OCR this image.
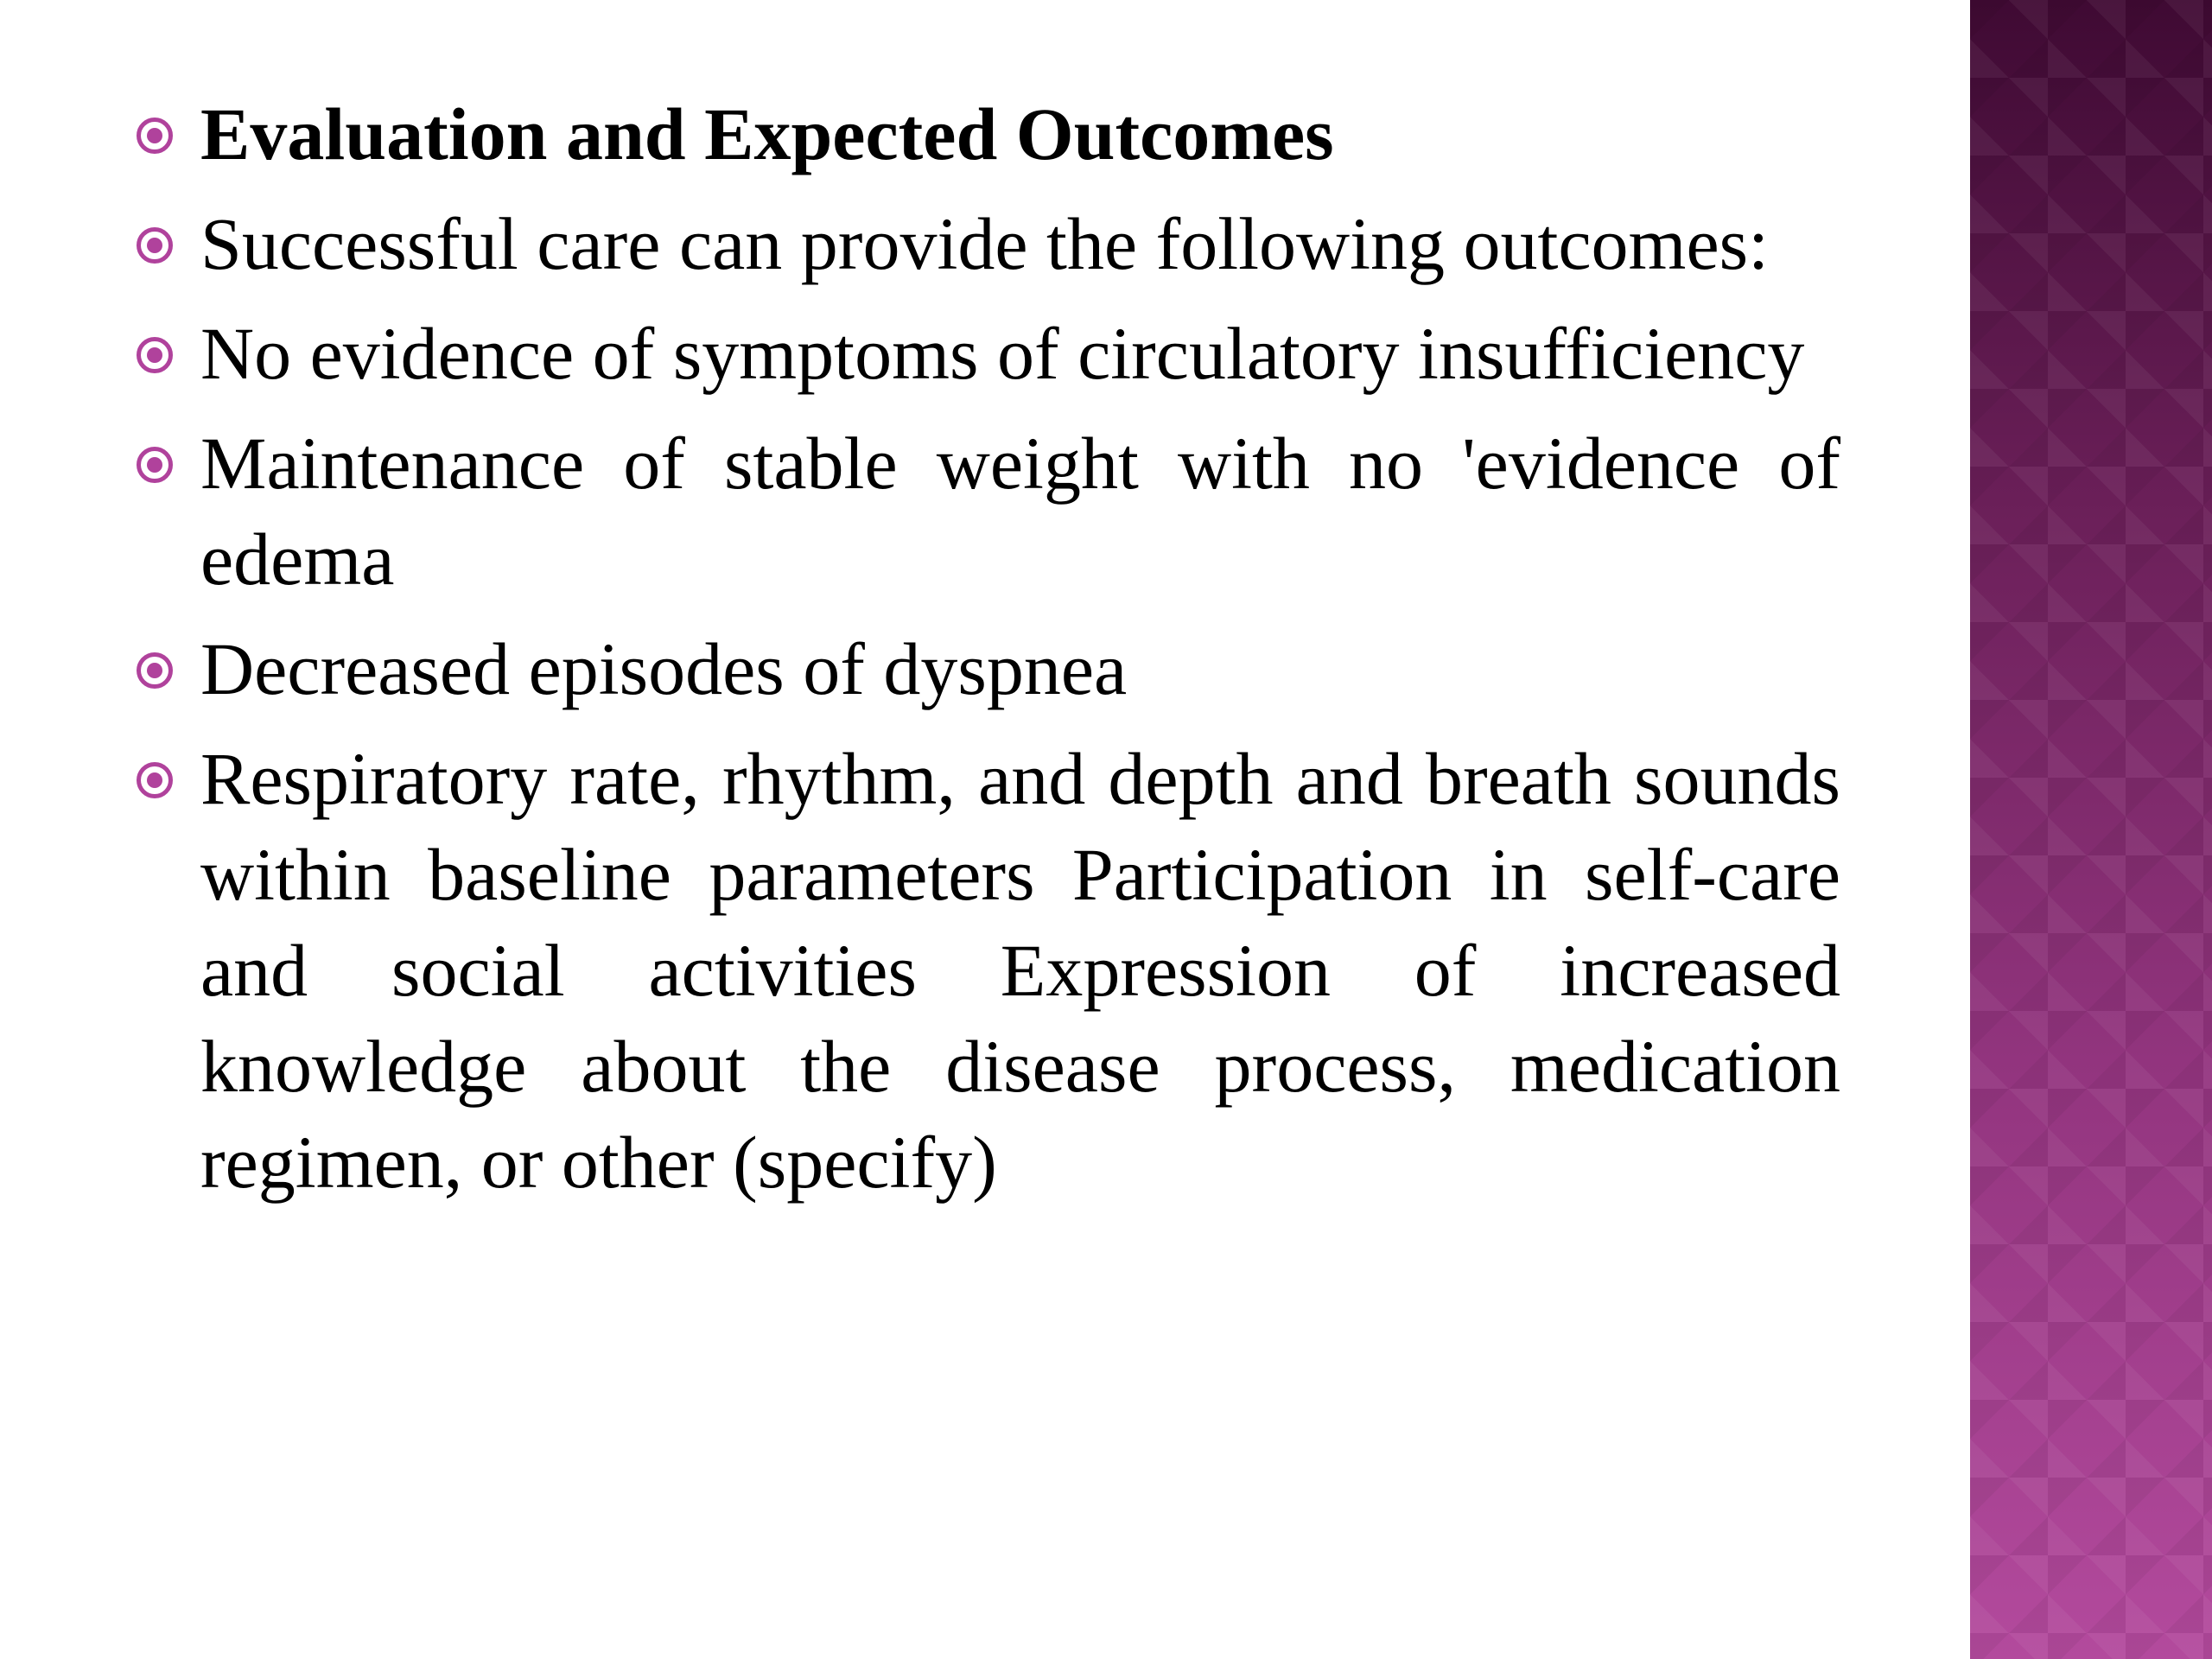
Evaluation and Expected Outcomes
Successful care can provide the following outcomes:
No evidence of symptoms of circulatory insufficiency
Maintenance of stable weight with no 'evidence of edema
Decreased episodes of dyspnea
Respiratory rate, rhythm, and depth and breath sounds within baseline parameters Participation in self-care and social activities Expression of increased knowledge about the disease process, medication regimen, or other (specify)
